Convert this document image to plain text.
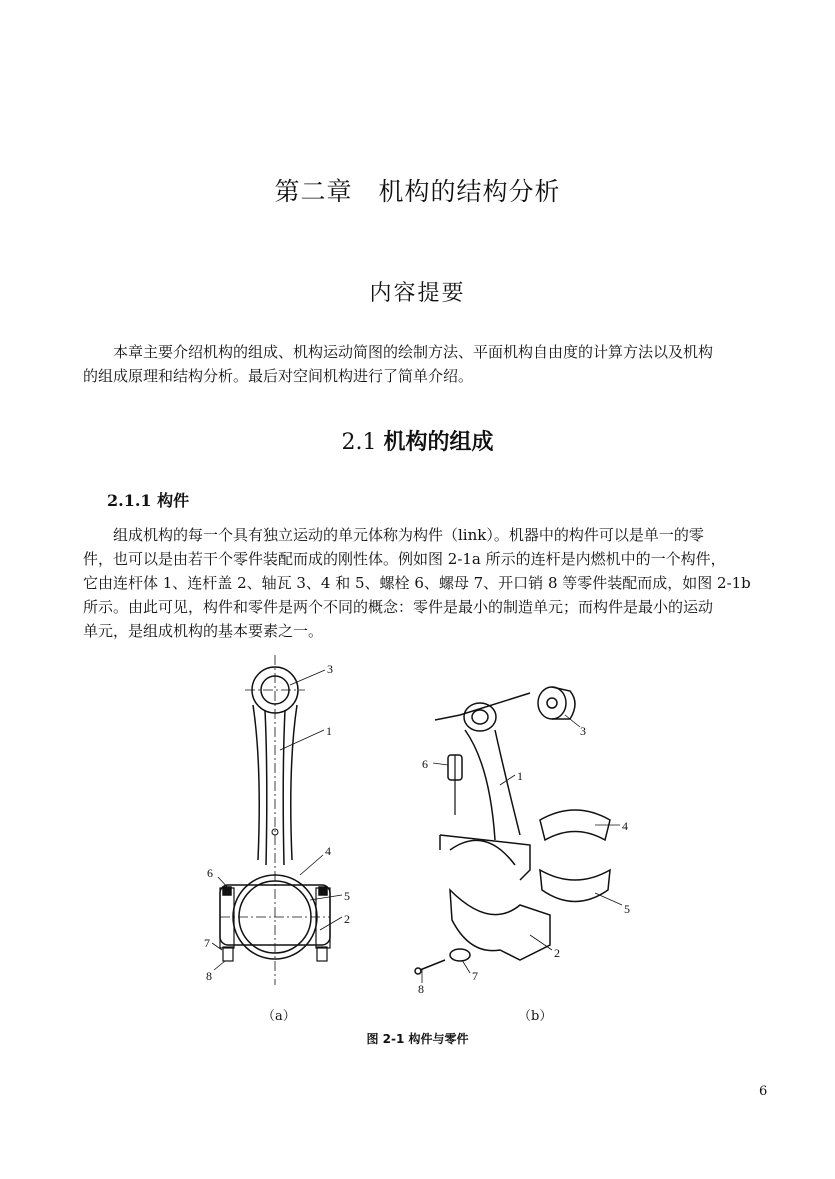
第二章 机构的结构分析
内容提要
本章主要介绍机构的组成、机构运动简图的绘制方法、平面机构自由度的计算方法以及机构
的组成原理和结构分析。最后对空间机构进行了简单介绍。
2.1 机构的组成
2.1.1 构件
组成机构的每一个具有独立运动的单元体称为构件（link）。机器中的构件可以是单一的零
件，也可以是由若干个零件装配而成的刚性体。例如图 2-1a 所示的连杆是内燃机中的一个构件，
它由连杆体 1、连杆盖 2、轴瓦 3、4 和 5、螺栓 6、螺母 7、开口销 8 等零件装配而成，如图 2-1b
所示。由此可见，构件和零件是两个不同的概念：零件是最小的制造单元；而构件是最小的运动
单元，是组成机构的基本要素之一。
3
1
6
4
5
2
7
8
3
6
1
4
5
2
8
7
（a）	（b）
图 2-1 构件与零件
6
